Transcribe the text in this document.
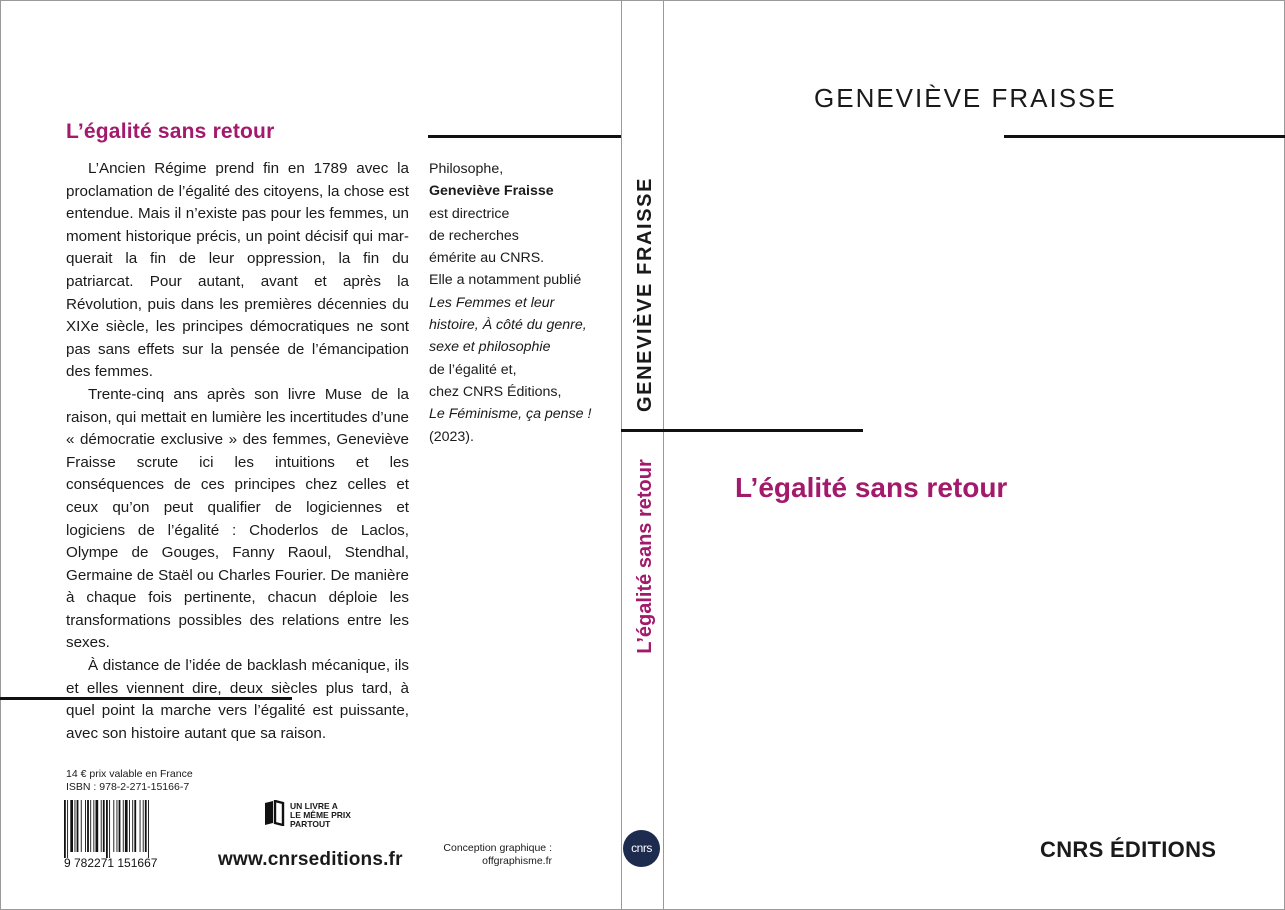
L’égalité sans retour

L’Ancien Régime prend fin en 1789 avec la proclamation de l’égalité des citoyens, la chose est entendue. Mais il n’existe pas pour les femmes, un moment historique précis, un point décisif qui mar-querait la fin de leur oppression, la fin du patriarcat. Pour autant, avant et après la Révolution, puis dans les premières décennies du XIXe siècle, les principes démocratiques ne sont pas sans effets sur la pensée de l’émancipation des femmes.

Trente-cinq ans après son livre Muse de la raison, qui mettait en lumière les incertitudes d’une « démocratie exclusive » des femmes, Geneviève Fraisse scrute ici les intuitions et les conséquences de ces principes chez celles et ceux qu’on peut qualifier de logiciennes et logiciens de l’égalité : Choderlos de Laclos, Olympe de Gouges, Fanny Raoul, Stendhal, Germaine de Staël ou Charles Fourier. De manière à chaque fois pertinente, chacun déploie les transformations possibles des relations entre les sexes.

À distance de l’idée de backlash mécanique, ils et elles viennent dire, deux siècles plus tard, à quel point la marche vers l’égalité est puissante, avec son histoire autant que sa raison.

Philosophe,
Geneviève Fraisse
est directrice
de recherches
émérite au CNRS.
Elle a notamment publié
Les Femmes et leur
histoire, À côté du genre,
sexe et philosophie
de l’égalité et,
chez CNRS Éditions,
Le Féminisme, ça pense !
(2023).
14 € prix valable en France
ISBN : 978-2-271-15166-7
9 782271 151667
UN LIVRE A
LE MÊME PRIX
PARTOUT
www.cnrseditions.fr
Conception graphique :
offgraphisme.fr
GENEVIÈVE FRAISSE
L’égalité sans retour
cnrs
GENEVIÈVE FRAISSE
L’égalité sans retour
CNRS ÉDITIONS
